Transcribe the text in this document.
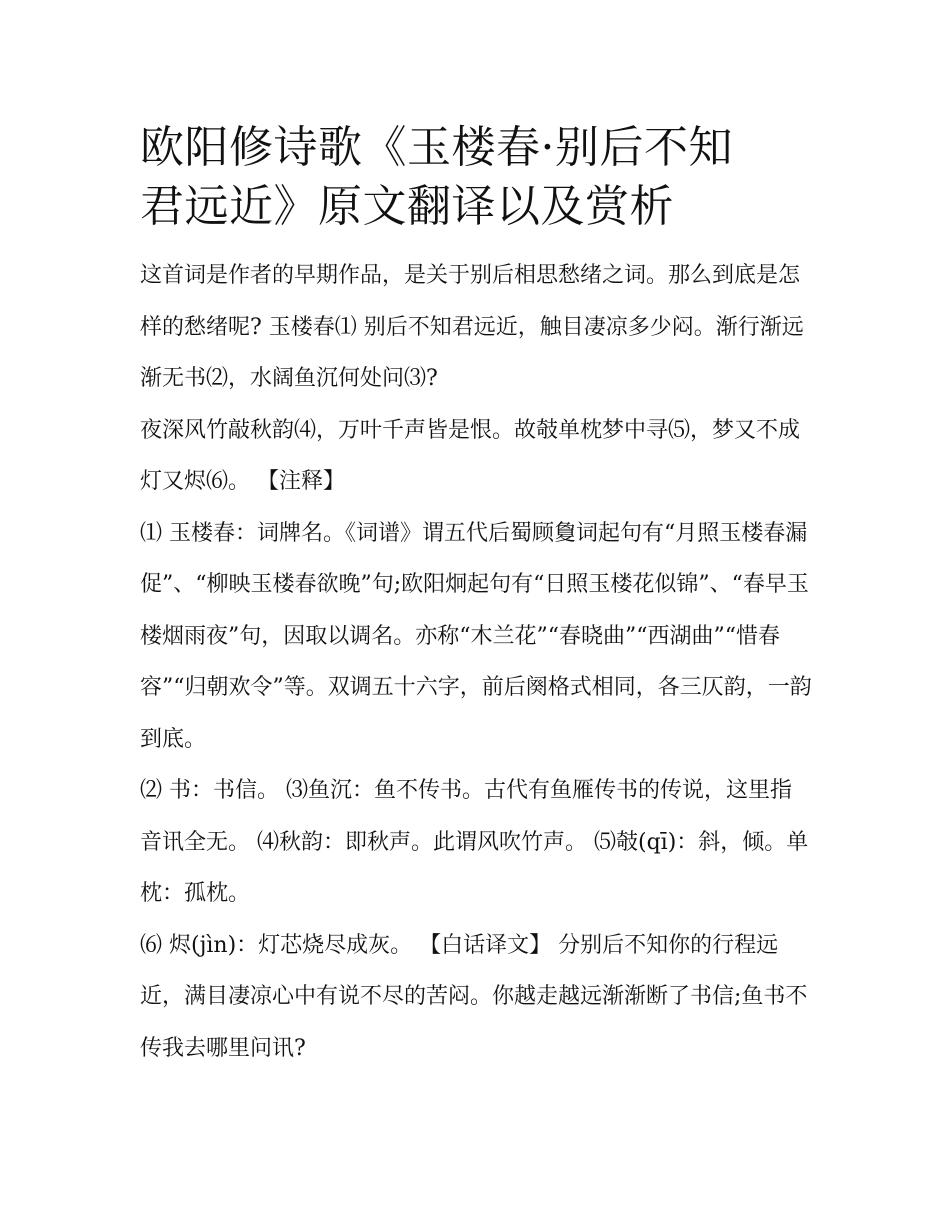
欧阳修诗歌《玉楼春·别后不知
君远近》原文翻译以及赏析

这首词是作者的早期作品，是关于别后相思愁绪之词。那么到底是怎样的愁绪呢? 玉楼春⑴ 别后不知君远近，触目凄凉多少闷。渐行渐远渐无书⑵，水阔鱼沉何处问⑶?

夜深风竹敲秋韵⑷，万叶千声皆是恨。故攲单枕梦中寻⑸，梦又不成灯又烬⑹。 【注释】

⑴ 玉楼春：词牌名。《词谱》谓五代后蜀顾敻词起句有“月照玉楼春漏促”、“柳映玉楼春欲晚”句;欧阳炯起句有“日照玉楼花似锦”、“春早玉楼烟雨夜”句，因取以调名。亦称“木兰花”“春晓曲”“西湖曲”“惜春容”“归朝欢令”等。双调五十六字，前后阕格式相同，各三仄韵，一韵到底。

⑵ 书：书信。 ⑶鱼沉：鱼不传书。古代有鱼雁传书的传说，这里指音讯全无。 ⑷秋韵：即秋声。此谓风吹竹声。 ⑸攲(qī)：斜，倾。单枕：孤枕。

⑹ 烬(jìn)：灯芯烧尽成灰。 【白话译文】 分别后不知你的行程远近，满目凄凉心中有说不尽的苦闷。你越走越远渐渐断了书信;鱼书不传我去哪里问讯?
